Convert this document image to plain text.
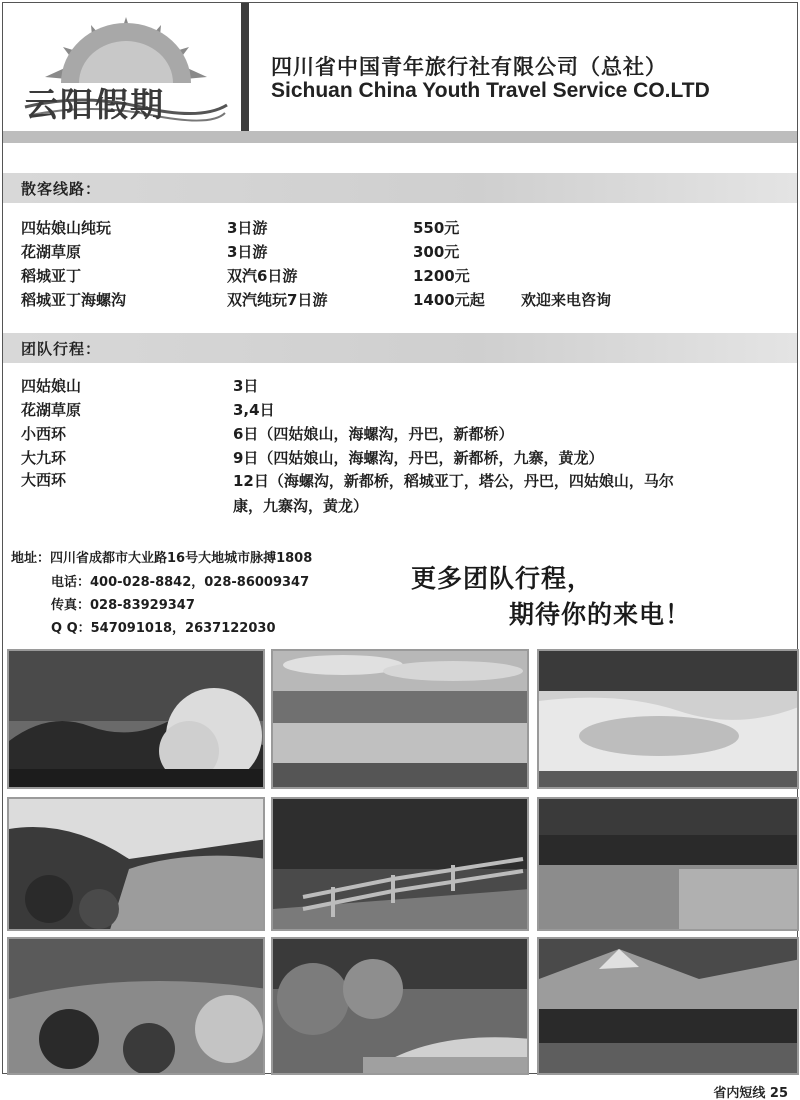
云阳假期
四川省中国青年旅行社有限公司（总社）
Sichuan China Youth Travel Service CO.LTD
散客线路：
四姑娘山纯玩	3日游	550元
花湖草原	3日游	300元
稻城亚丁	双汽6日游	1200元
稻城亚丁海螺沟	双汽纯玩7日游	1400元起 欢迎来电咨询
团队行程：
四姑娘山	3日
花湖草原	3,4日
小西环	6日（四姑娘山，海螺沟，丹巴，新都桥）
大九环	9日（四姑娘山，海螺沟，丹巴，新都桥，九寨，黄龙）
大西环	12日（海螺沟，新都桥，稻城亚丁，塔公，丹巴，四姑娘山，马尔康，九寨沟，黄龙）
地址：四川省成都市大业路16号大地城市脉搏1808
电话：400-028-8842，028-86009347
传真：028-83929347
Q Q：547091018，2637122030
更多团队行程，
期待你的来电！
省内短线 25
